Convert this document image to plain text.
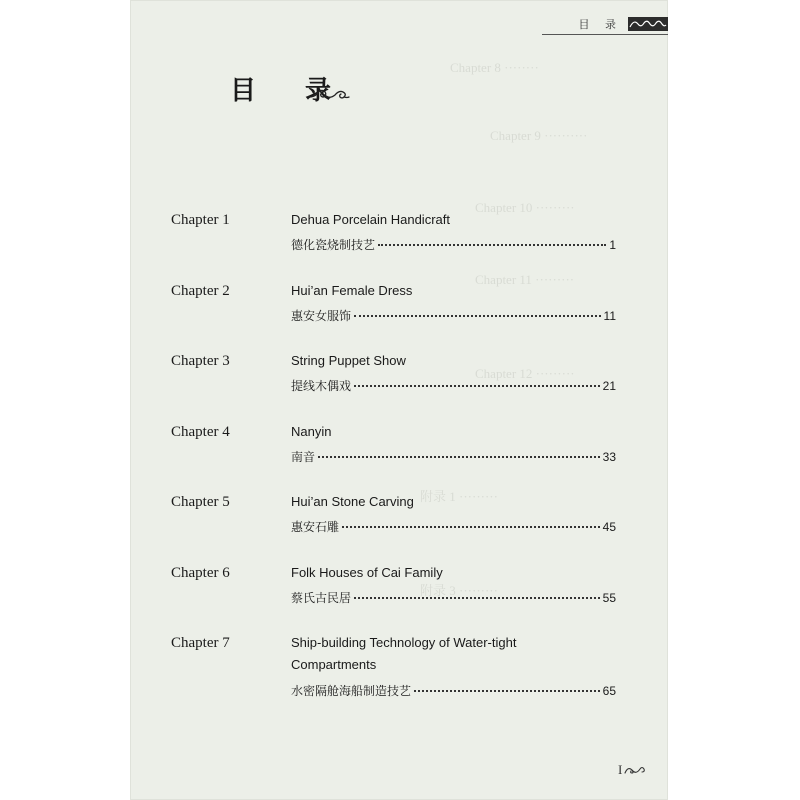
Chapter 8 ········
Chapter 9 ··········
Chapter 10 ·········
Chapter 11 ·········
Chapter 12 ·········
附录 1 ·········
附录 3 ·········
目 录
目 录
Chapter 1	Dehua Porcelain Handicraft
德化瓷烧制技艺	1
Chapter 2	Hui’an Female Dress
惠安女服饰	11
Chapter 3	String Puppet Show
提线木偶戏	21
Chapter 4	Nanyin
南音	33
Chapter 5	Hui’an Stone Carving
惠安石雕	45
Chapter 6	Folk Houses of Cai Family
蔡氏古民居	55
Chapter 7	Ship-building Technology of Water-tight
Compartments
水密隔舱海船制造技艺	65
I
